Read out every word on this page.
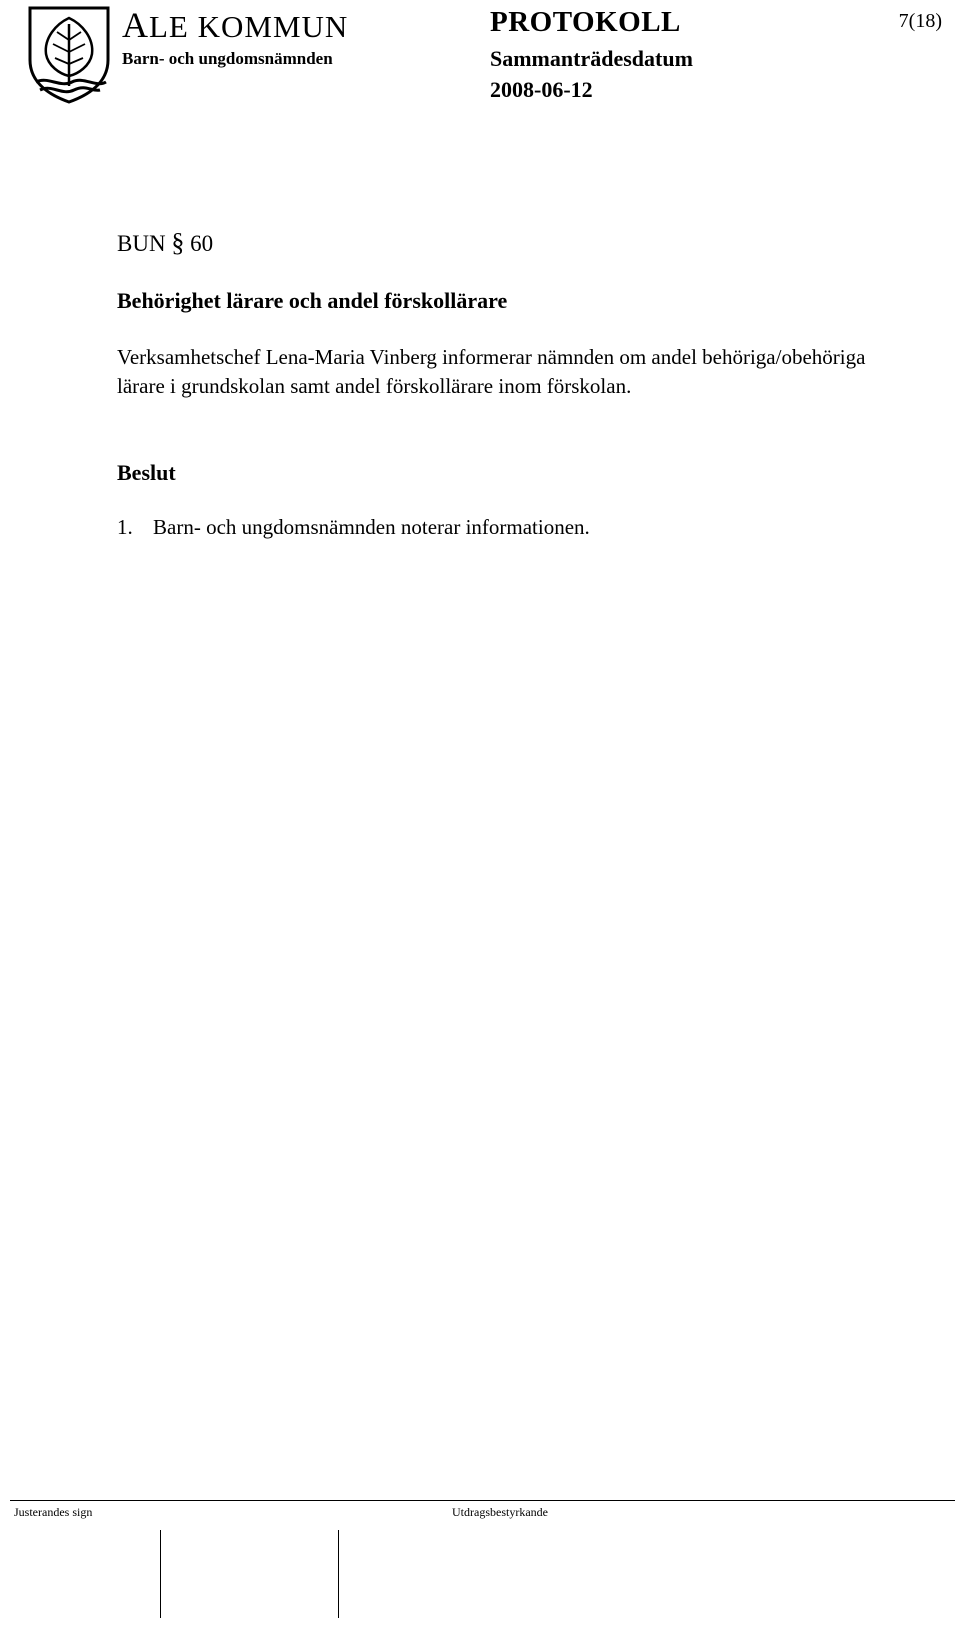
ALE KOMMUN
Barn- och ungdomsnämnden
PROTOKOLL
Sammanträdesdatum
2008-06-12
7(18)
BUN § 60
Behörighet lärare och andel förskollärare
Verksamhetschef Lena-Maria Vinberg informerar nämnden om andel behöriga/obehöriga lärare i grundskolan samt andel förskollärare inom förskolan.
Beslut
1. Barn- och ungdomsnämnden noterar informationen.
Justerandes sign	Utdragsbestyrkande
